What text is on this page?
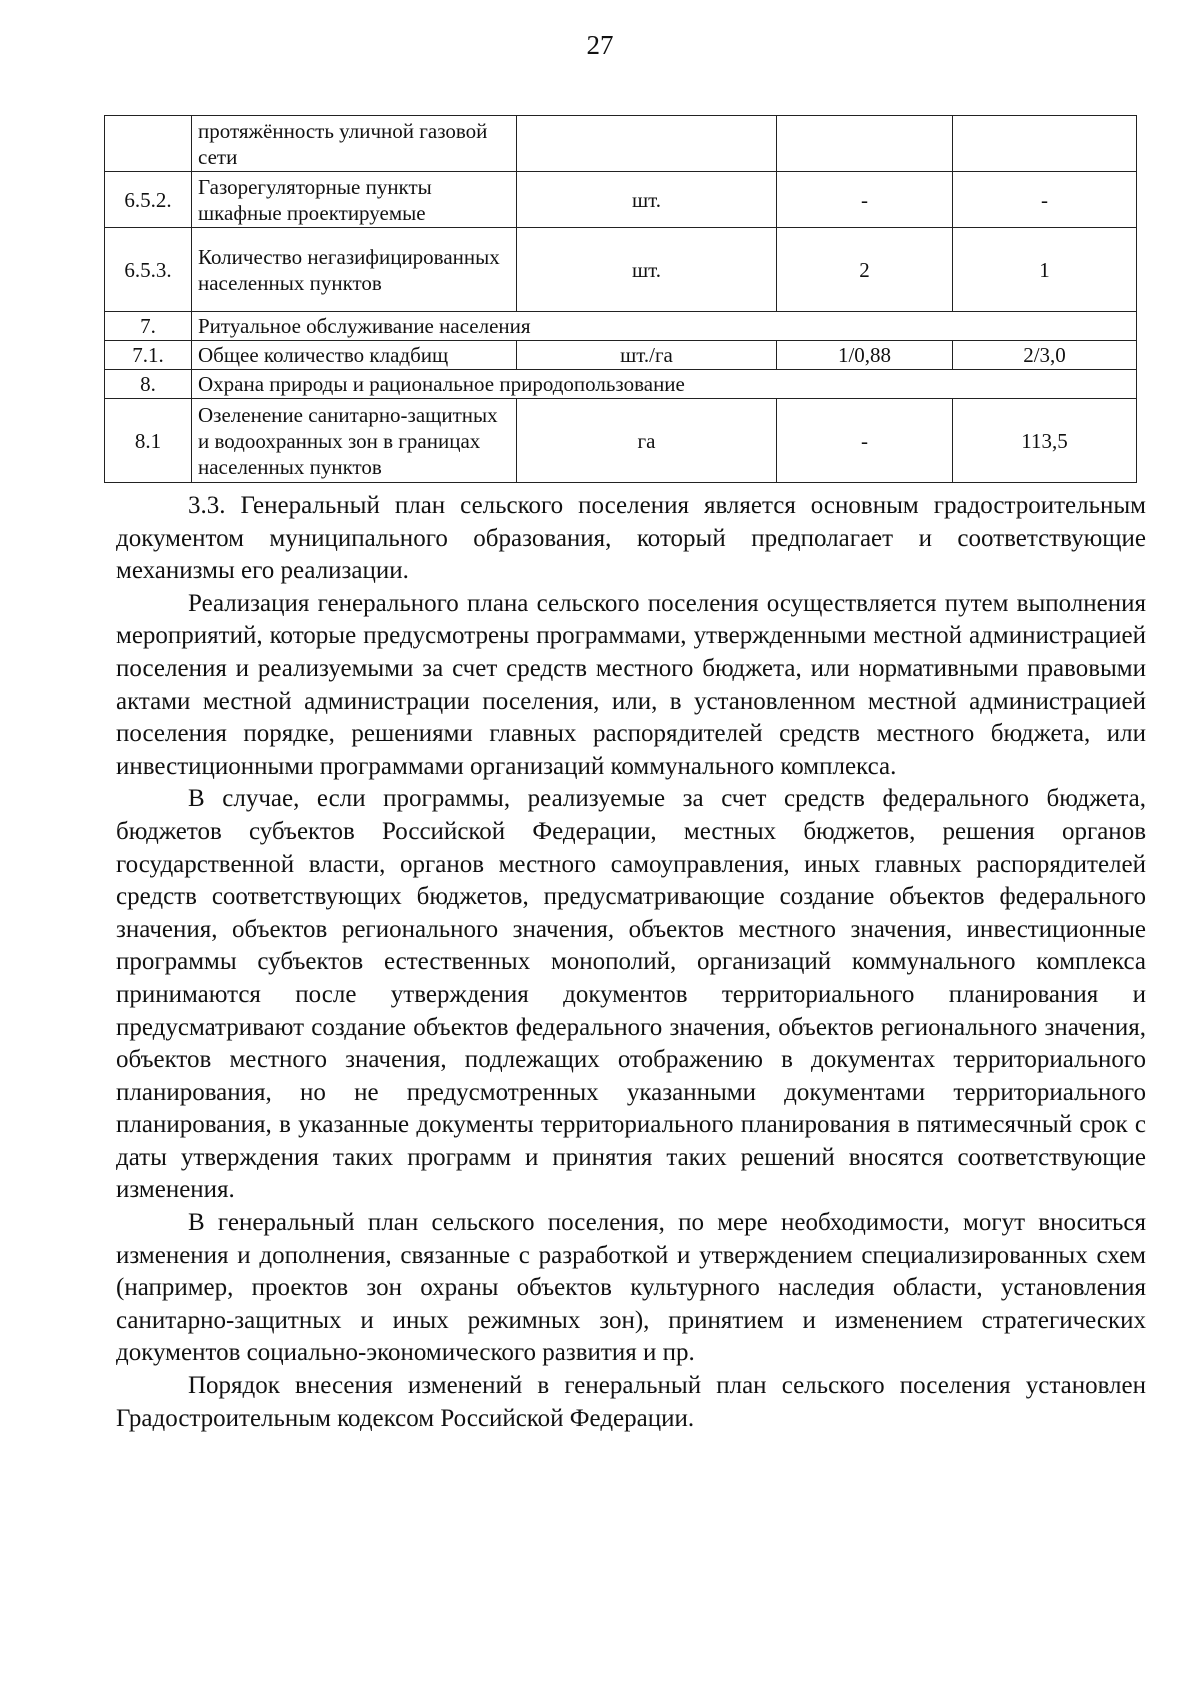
27
	протяжённость уличной газовой сети			
6.5.2.	Газорегуляторные пункты шкафные проектируемые	шт.	-	-
6.5.3.	Количество негазифицированных населенных пунктов	шт.	2	1
7.	Ритуальное обслуживание населения			
7.1.	Общее количество кладбищ	шт./га	1/0,88	2/3,0
8.	Охрана природы и рациональное природопользование			
8.1	Озеленение санитарно-защитных и водоохранных зон в границах населенных пунктов	га	-	113,5

3.3. Генеральный план сельского поселения является основным градостроительным документом муниципального образования, который предполагает и соответствующие механизмы его реализации.

Реализация генерального плана сельского поселения осуществляется путем выполнения мероприятий, которые предусмотрены программами, утвержденными местной администрацией поселения и реализуемыми за счет средств местного бюджета, или нормативными правовыми актами местной администрации поселения, или, в установленном местной администрацией поселения порядке, решениями главных распорядителей средств местного бюджета, или инвестиционными программами организаций коммунального комплекса.

В случае, если программы, реализуемые за счет средств федерального бюджета, бюджетов субъектов Российской Федерации, местных бюджетов, решения органов государственной власти, органов местного самоуправления, иных главных распорядителей средств соответствующих бюджетов, предусматривающие создание объектов федерального значения, объектов регионального значения, объектов местного значения, инвестиционные программы субъектов естественных монополий, организаций коммунального комплекса принимаются после утверждения документов территориального планирования и предусматривают создание объектов федерального значения, объектов регионального значения, объектов местного значения, подлежащих отображению в документах территориального планирования, но не предусмотренных указанными документами территориального планирования, в указанные документы территориального планирования в пятимесячный срок с даты утверждения таких программ и принятия таких решений вносятся соответствующие изменения.

В генеральный план сельского поселения, по мере необходимости, могут вноситься изменения и дополнения, связанные с разработкой и утверждением специализированных схем (например, проектов зон охраны объектов культурного наследия области, установления санитарно-защитных и иных режимных зон), принятием и изменением стратегических документов социально-экономического развития и пр.

Порядок внесения изменений в генеральный план сельского поселения установлен Градостроительным кодексом Российской Федерации.
